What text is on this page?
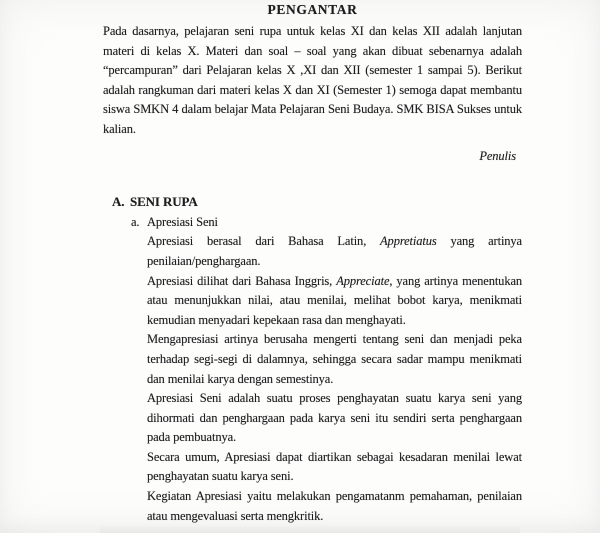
PENGANTAR

Pada dasarnya, pelajaran seni rupa untuk kelas XI dan kelas XII adalah lanjutan materi di kelas X. Materi dan soal – soal yang akan dibuat sebenarnya adalah “percampuran” dari Pelajaran kelas X ,XI dan XII (semester 1 sampai 5). Berikut adalah rangkuman dari materi kelas X dan XI (Semester 1) semoga dapat membantu siswa SMKN 4 dalam belajar Mata Pelajaran Seni Budaya. SMK BISA Sukses untuk kalian.

Penulis

A. SENI RUPA
a. Apresiasi Seni

Apresiasi berasal dari Bahasa Latin, Appretiatus yang artinya penilaian/penghargaan.

Apresiasi dilihat dari Bahasa Inggris, Appreciate, yang artinya menentukan atau menunjukkan nilai, atau menilai, melihat bobot karya, menikmati kemudian menyadari kepekaan rasa dan menghayati.

Mengapresiasi artinya berusaha mengerti tentang seni dan menjadi peka terhadap segi-segi di dalamnya, sehingga secara sadar mampu menikmati dan menilai karya dengan semestinya.

Apresiasi Seni adalah suatu proses penghayatan suatu karya seni yang dihormati dan penghargaan pada karya seni itu sendiri serta penghargaan pada pembuatnya.

Secara umum, Apresiasi dapat diartikan sebagai kesadaran menilai lewat penghayatan suatu karya seni.

Kegiatan Apresiasi yaitu melakukan pengamatanm pemahaman, penilaian atau mengevaluasi serta mengkritik.
